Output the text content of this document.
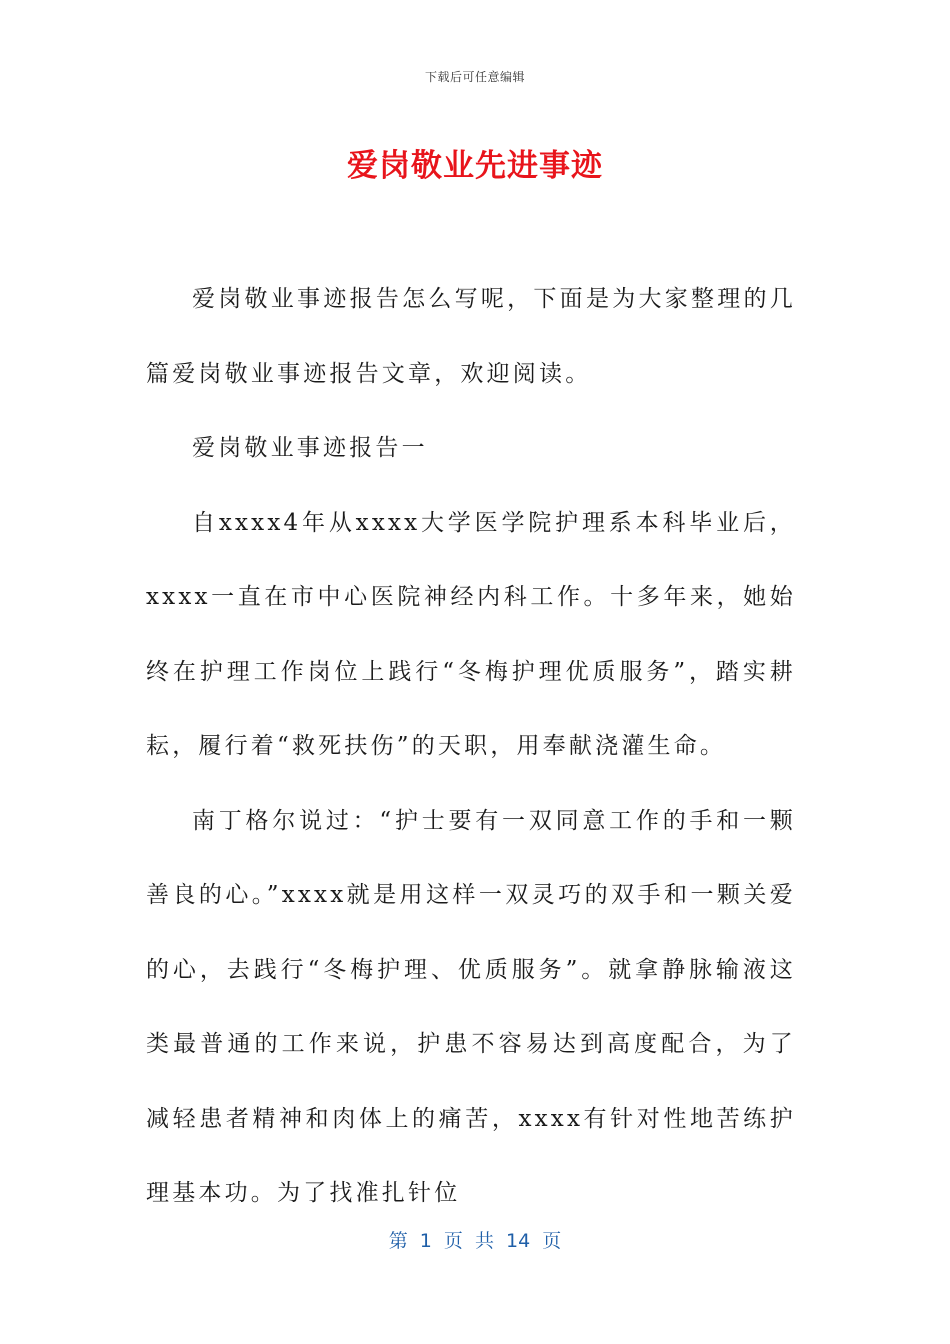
下载后可任意编辑
爱岗敬业先进事迹

爱岗敬业事迹报告怎么写呢，下面是为大家整理的几篇爱岗敬业事迹报告文章，欢迎阅读。

爱岗敬业事迹报告一

自xxxx4年从xxxx大学医学院护理系本科毕业后，xxxx一直在市中心医院神经内科工作。十多年来，她始终在护理工作岗位上践行“冬梅护理优质服务”，踏实耕耘，履行着“救死扶伤”的天职，用奉献浇灌生命。

南丁格尔说过：“护士要有一双同意工作的手和一颗善良的心。”xxxx就是用这样一双灵巧的双手和一颗关爱的心，去践行“冬梅护理、优质服务”。就拿静脉输液这类最普通的工作来说，护患不容易达到高度配合，为了减轻患者精神和肉体上的痛苦，xxxx有针对性地苦练护理基本功。为了找准扎针位

第 1 页 共 14 页
